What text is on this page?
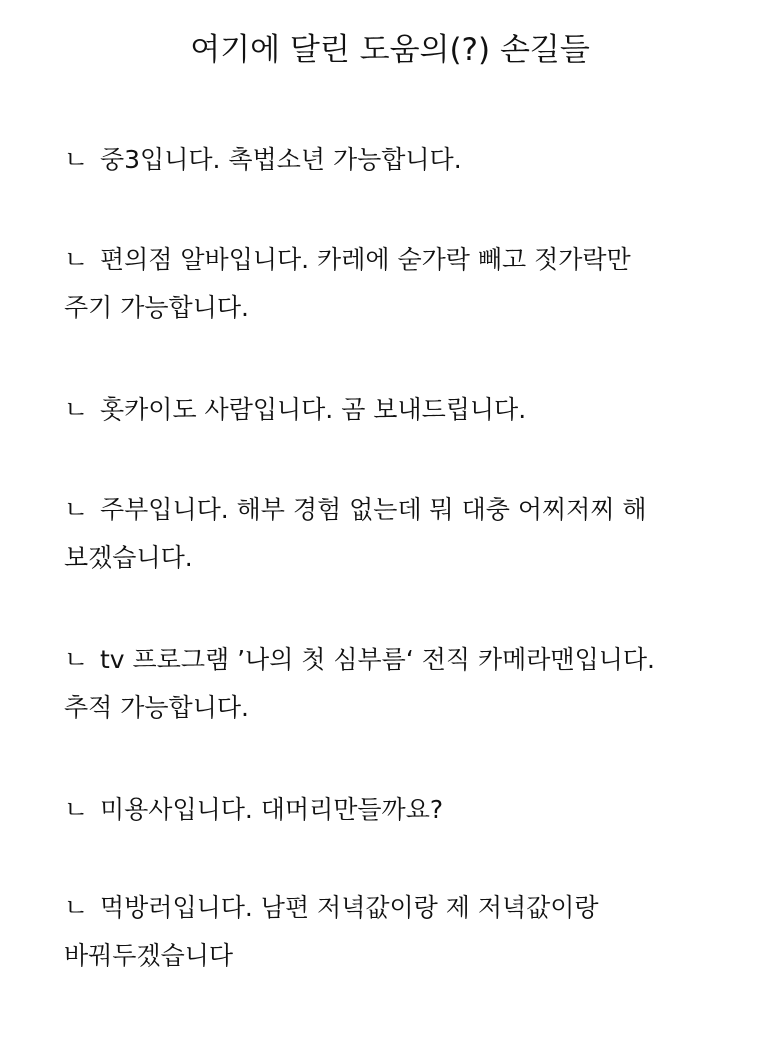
여기에 달린 도움의(?) 손길들
ㄴ 중3입니다. 촉법소년 가능합니다.
ㄴ 편의점 알바입니다. 카레에 숟가락 빼고 젓가락만
주기 가능합니다.
ㄴ 홋카이도 사람입니다. 곰 보내드립니다.
ㄴ 주부입니다. 해부 경험 없는데 뭐 대충 어찌저찌 해
보겠습니다.
ㄴ tv 프로그램 ’나의 첫 심부름‘ 전직 카메라맨입니다.
추적 가능합니다.
ㄴ 미용사입니다. 대머리만들까요?
ㄴ 먹방러입니다. 남편 저녁값이랑 제 저녁값이랑
바꿔두겠습니다
